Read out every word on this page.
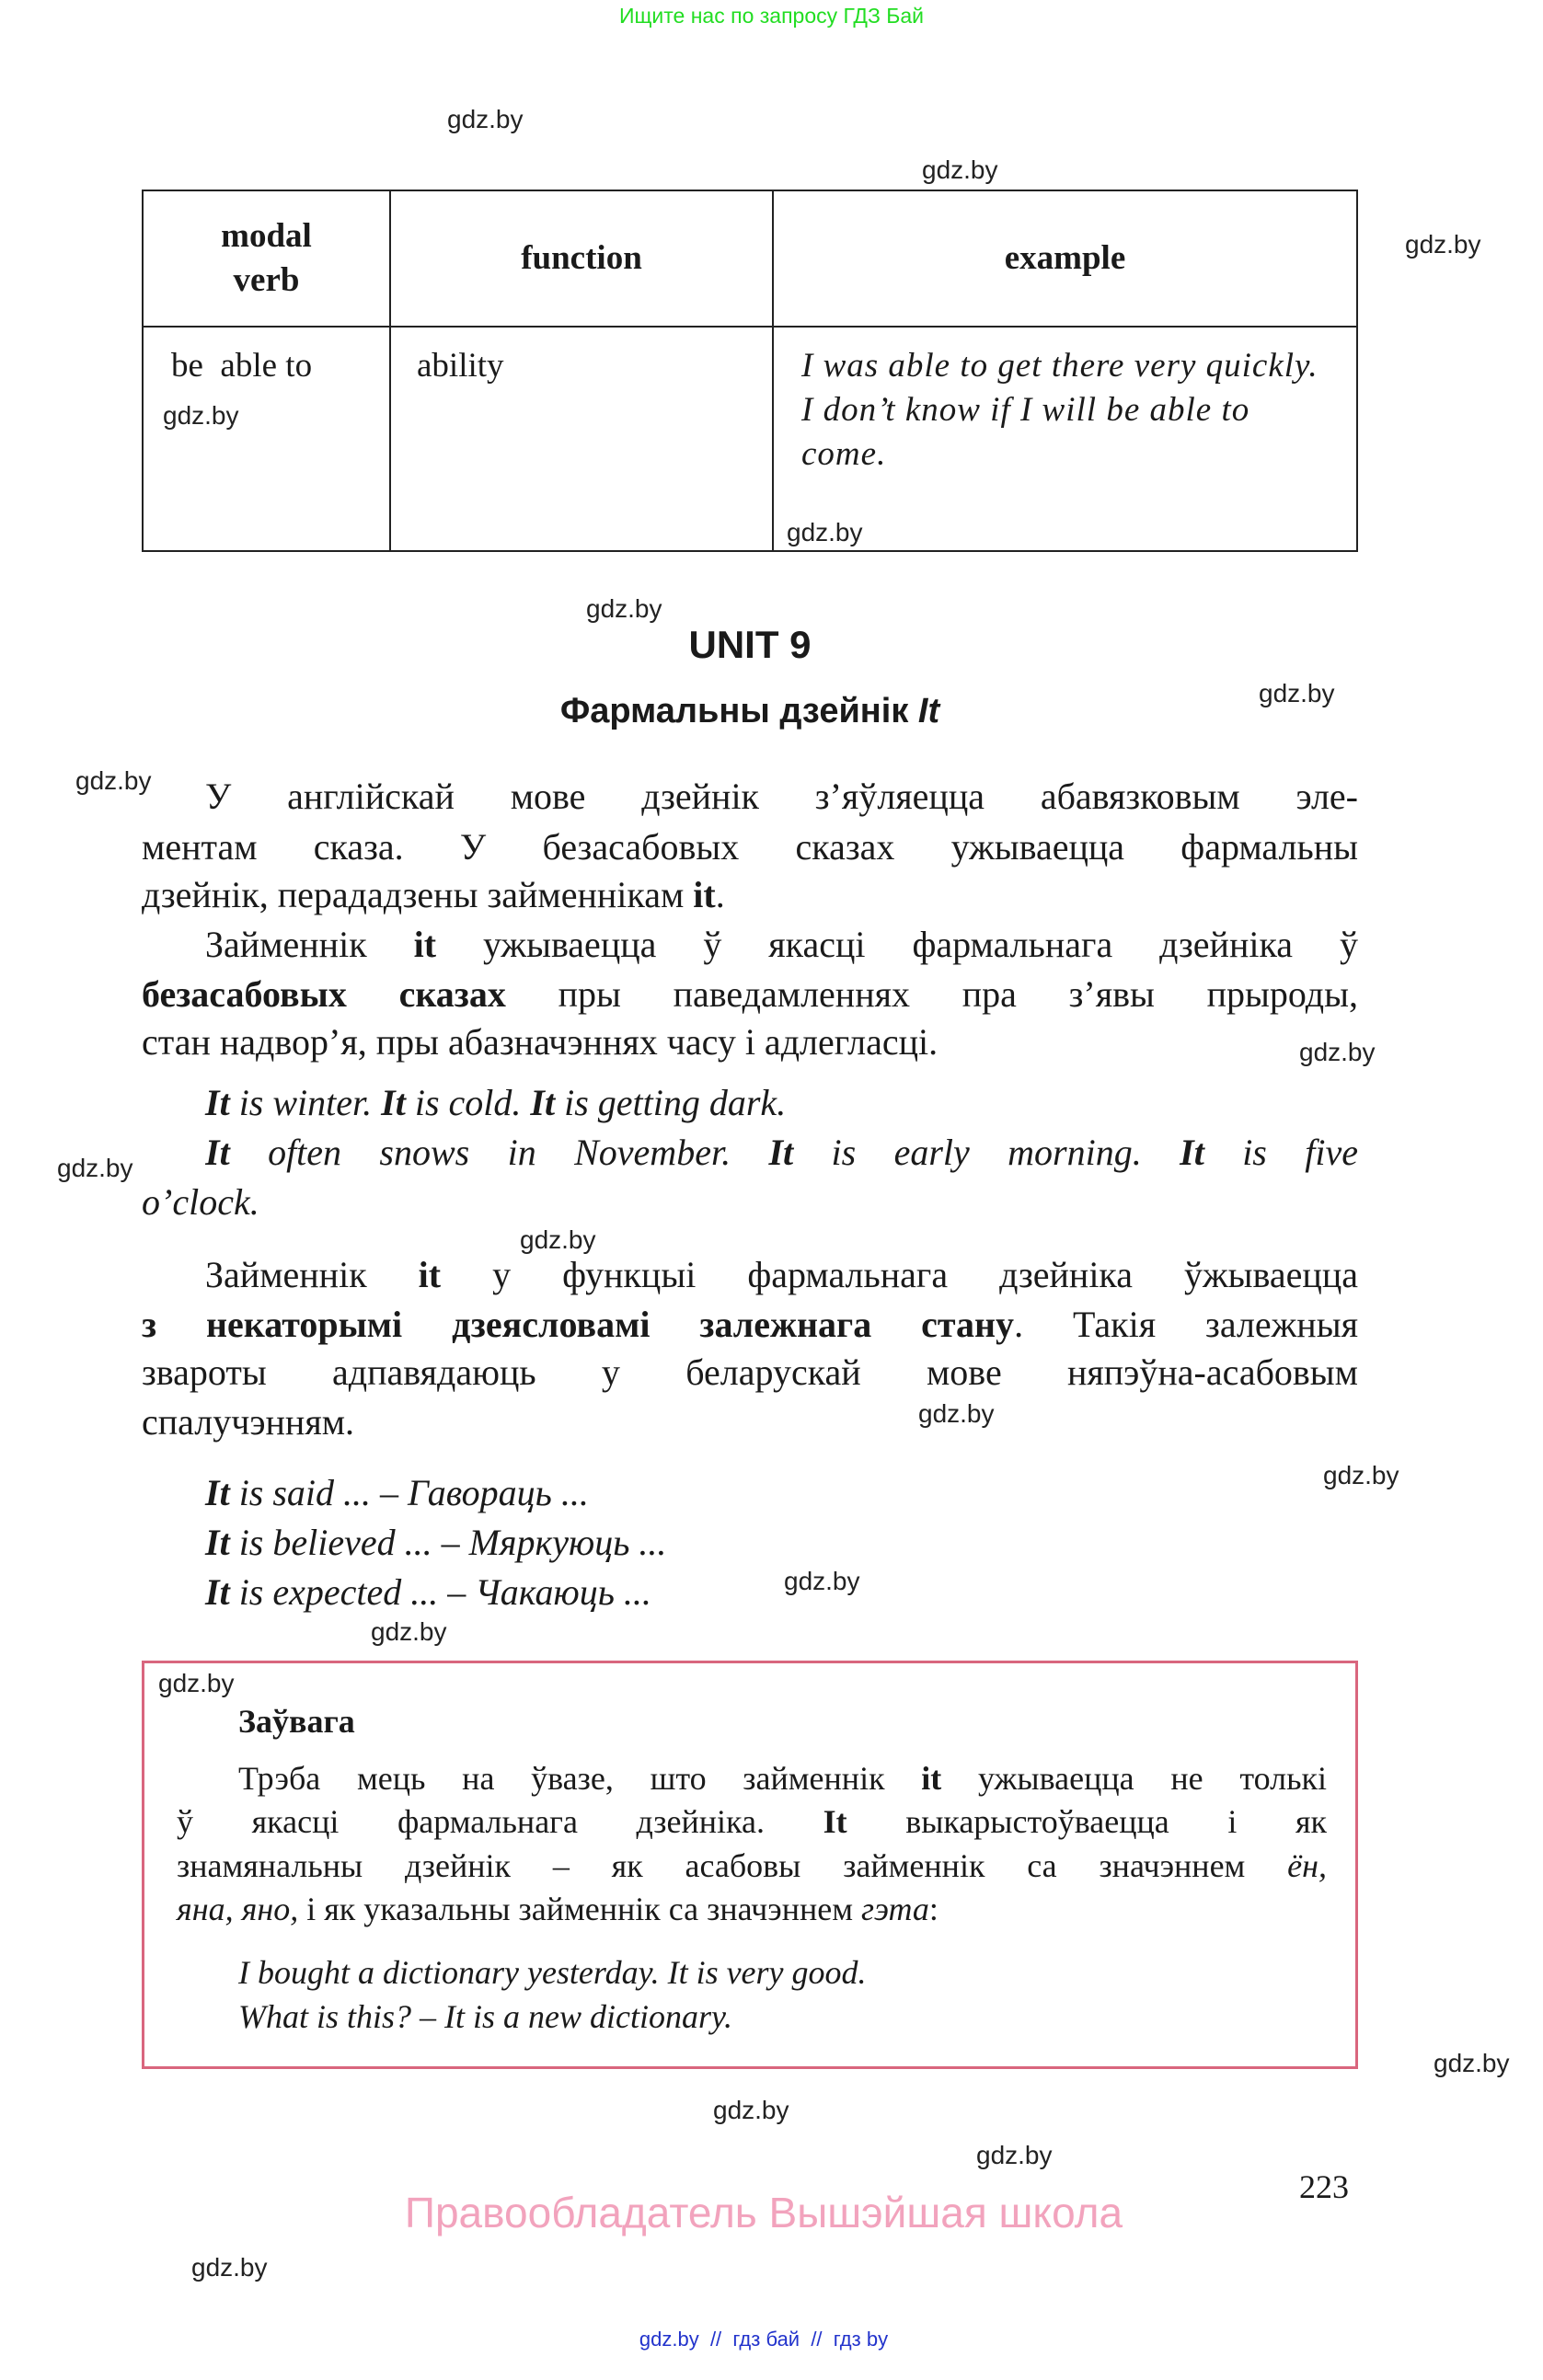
Ищите нас по запросу ГДЗ Бай
gdz.by
gdz.by
gdz.by
gdz.by
gdz.by
gdz.by
gdz.by
gdz.by
gdz.by
gdz.by
gdz.by
gdz.by
gdz.by
gdz.by
gdz.by
gdz.by
gdz.by
gdz.by
gdz.by
gdz.by
modal verb	function	example
be  able to	ability	I was able to get there very quickly.
I don’t know if I will be able to come.
UNIT 9
Фармальны дзейнік It
У англійскай мове дзейнік з’яўляецца абавязковым эле-
ментам сказа. У безасабовых сказах ужываецца фармальны
дзейнік, перададзены займеннікам it.
Займеннік it ужываецца ў якасці фармальнага дзейніка ў
безасабовых сказах пры паведамленнях пра з’явы прыроды,
стан надвор’я, пры абазначэннях часу і адлегласці.
It is winter. It is cold. It is getting dark.
It often snows in November. It is early morning. It is five
o’clock.
Займеннік it у функцыі фармальнага дзейніка ўжываецца
з некаторымі дзеясловамі залежнага стану. Такія залежныя
звароты адпавядаюць у беларускай мове няпэўна-асабовым
спалучэнням.
It is said ... – Гавораць ...
It is believed ... – Мяркуюць ...
It is expected ... – Чакаюць ...
Заўвага
Трэба мець на ўвазе, што займеннік it ужываецца не толькі
ў якасці фармальнага дзейніка. It выкарыстоўваецца і як
знамянальны дзейнік – як асабовы займеннік са значэннем ён,
яна, яно, і як указальны займеннік са значэннем гэта:
I bought a dictionary yesterday. It is very good.
What is this? – It is a new dictionary.
223
Правообладатель Вышэйшая школа
gdz.by  //  гдз бай  //  гдз by
